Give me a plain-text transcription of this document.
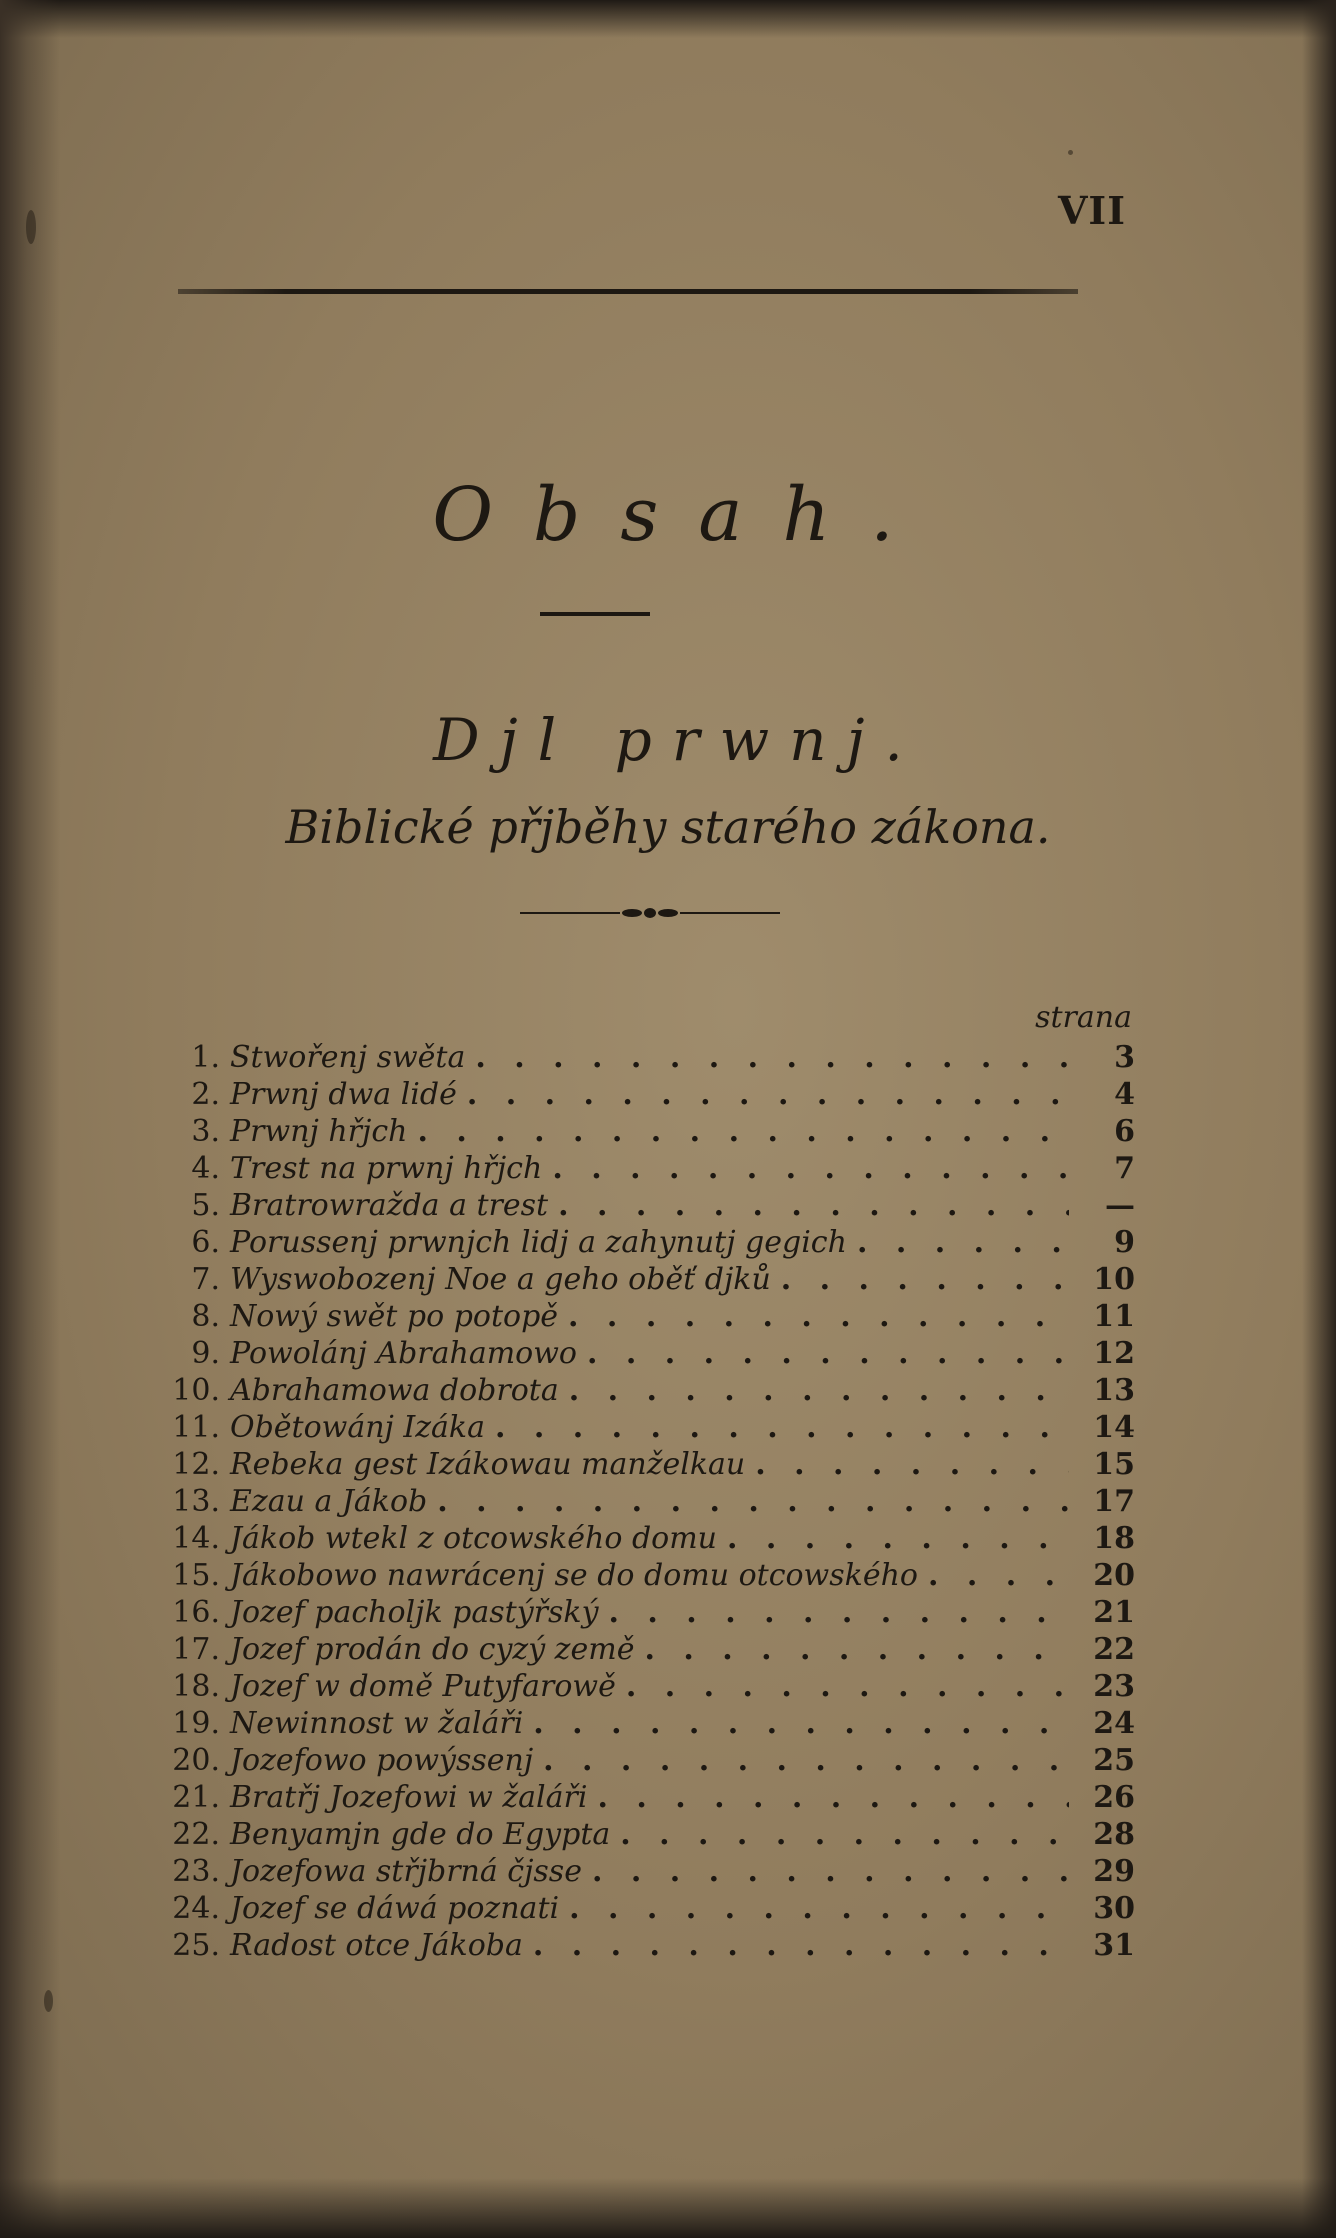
VII
Obsah.
Djl prwnj.
Biblické přjběhy starého zákona.
strana
1. Stwořenj swěta . . .	3
2. Prwnj dwa lidé . . .	4
3. Prwnj hřjch . . .	6
4. Trest na prwnj hřjch . . .	7
5. Bratrowražda a trest . . .	—
6. Porussenj prwnjch lidj a zahynutj gegich . . .	9
7. Wyswobozenj Noe a geho oběť djků . . .	10
8. Nowý swět po potopě . . .	11
9. Powolánj Abrahamowo . . .	12
10. Abrahamowa dobrota . . .	13
11. Obětowánj Izáka . . .	14
12. Rebeka gest Izákowau manželkau . . .	15
13. Ezau a Jákob . . .	17
14. Jákob wtekl z otcowského domu . . .	18
15. Jákobowo nawrácenj se do domu otcowského . . .	20
16. Jozef pacholjk pastýřský . . .	21
17. Jozef prodán do cyzý země . . .	22
18. Jozef w domě Putyfarowě . . .	23
19. Newinnost w žaláři . . .	24
20. Jozefowo powýssenj . . .	25
21. Bratřj Jozefowi w žaláři . . .	26
22. Benyamjn gde do Egypta . . .	28
23. Jozefowa střjbrná čjsse . . .	29
24. Jozef se dáwá poznati . . .	30
25. Radost otce Jákoba . . .	31
